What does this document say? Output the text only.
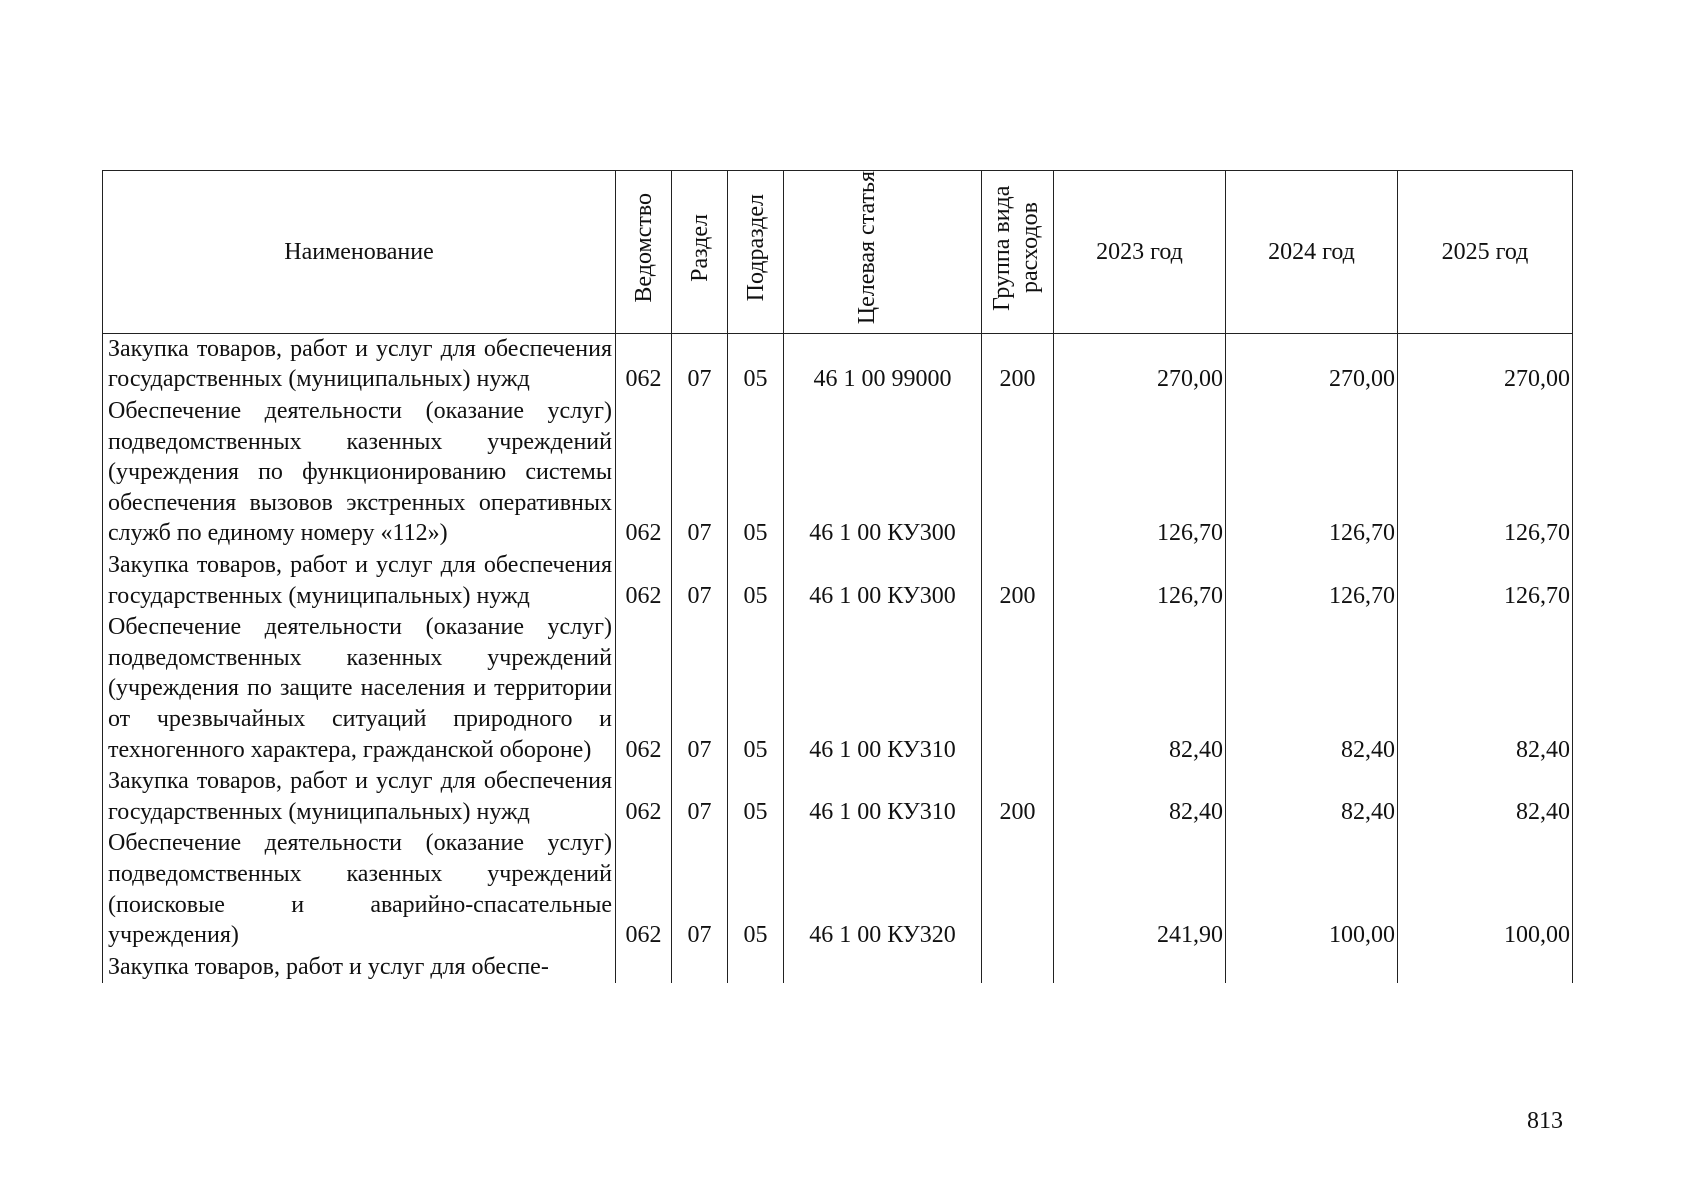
Наименование	Ведомство	Раздел	Подраздел	Целевая статья	Группа вида расходов	2023 год	2024 год	2025 год
Закупка товаров, работ и услуг для обеспечения государственных (муниципальных) нужд	062	07	05	46 1 00 99000	200	270,00	270,00	270,00
Обеспечение деятельности (оказание услуг) подведомственных казенных учреждений (учреждения по функционированию системы обеспечения вызовов экстренных оперативных служб по единому номеру «112»)	062	07	05	46 1 00 КУ300		126,70	126,70	126,70
Закупка товаров, работ и услуг для обеспечения государственных (муниципальных) нужд	062	07	05	46 1 00 КУ300	200	126,70	126,70	126,70
Обеспечение деятельности (оказание услуг) подведомственных казенных учреждений (учреждения по защите населения и территории от чрезвычайных ситуаций природного и техногенного характера, гражданской обороне)	062	07	05	46 1 00 КУ310		82,40	82,40	82,40
Закупка товаров, работ и услуг для обеспечения государственных (муниципальных) нужд	062	07	05	46 1 00 КУ310	200	82,40	82,40	82,40
Обеспечение деятельности (оказание услуг) подведомственных казенных учреждений (поисковые и аварийно-спасательные учреждения)	062	07	05	46 1 00 КУ320		241,90	100,00	100,00
Закупка товаров, работ и услуг для обеспе-								
813
